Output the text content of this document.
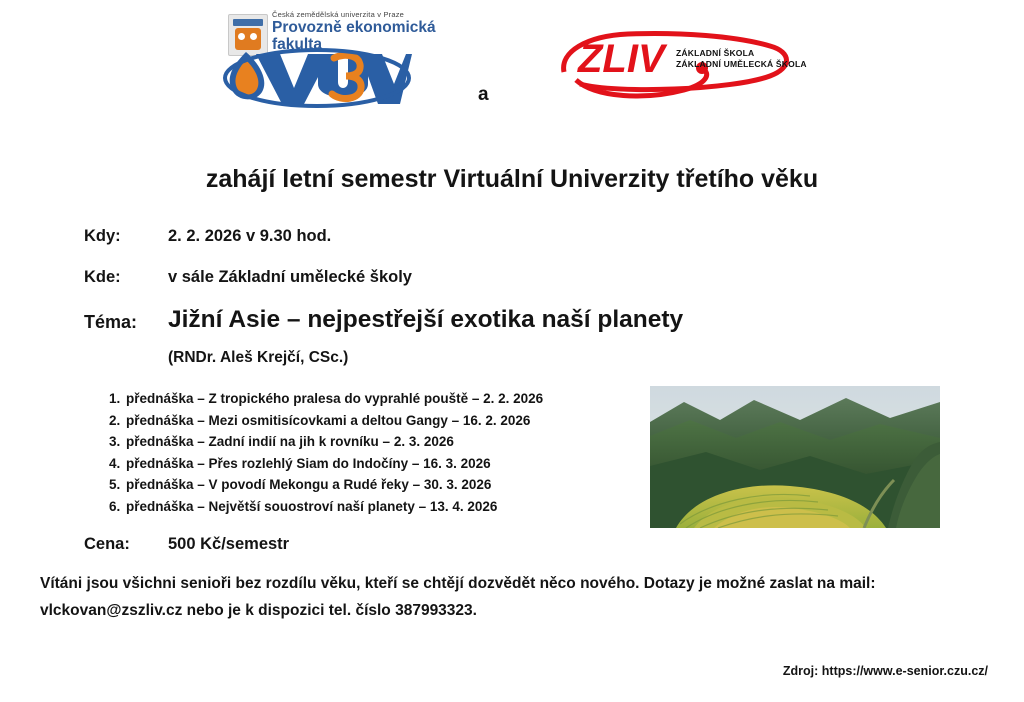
Česká zemědělská univerzita v Praze
Provozně ekonomická
fakulta
a
ZLIV	ZÁKLADNÍ ŠKOLA
ZÁKLADNÍ UMĚLECKÁ ŠKOLA
zahájí letní semestr Virtuální Univerzity třetího věku
Kdy:	2. 2. 2026 v 9.30 hod.
Kde:	v sále Základní umělecké školy
Téma: Jižní Asie – nejpestřejší exotika naší planety
(RNDr. Aleš Krejčí, CSc.)
1. přednáška – Z tropického pralesa do vyprahlé pouště – 2. 2. 2026
2. přednáška – Mezi osmitisícovkami a deltou Gangy – 16. 2. 2026
3. přednáška – Zadní indií na jih k rovníku – 2. 3. 2026
4. přednáška – Přes rozlehlý Siam do Indočíny – 16. 3. 2026
5. přednáška – V povodí Mekongu a Rudé řeky – 30. 3. 2026
6. přednáška – Největší souostroví naší planety – 13. 4. 2026
Cena: 500 Kč/semestr
Vítáni jsou všichni senioři bez rozdílu věku, kteří se chtějí dozvědět něco nového. Dotazy je možné zaslat na mail: vlckovan@zszliv.cz nebo je k dispozici tel. číslo 387993323.
Zdroj: https://www.e-senior.czu.cz/
